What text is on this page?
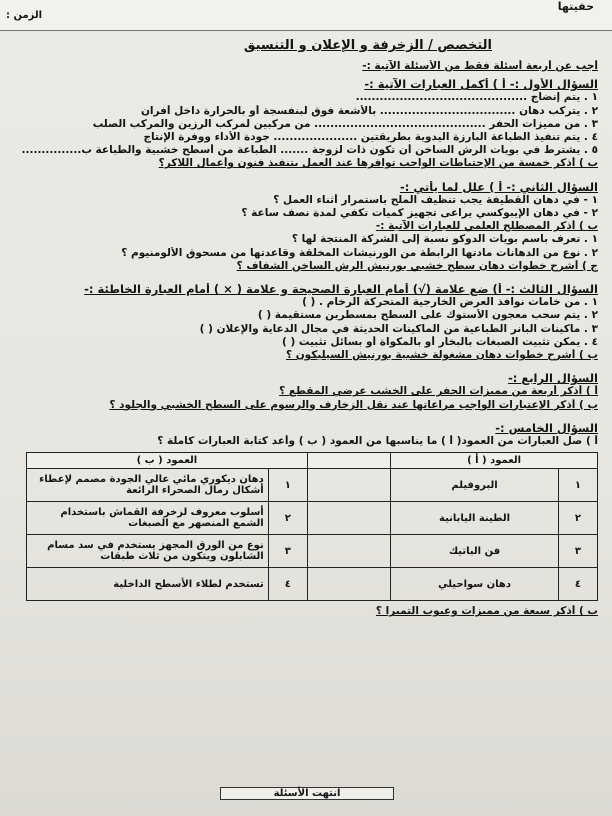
حفيتها
الزمن :
التخصص / الزخرفة و الإعلان و التنسيق
أجب عن أربعة أسئلة فقط من الأسئلة الآتية :-
السؤال الأول :- أ ) أكمل العبارات الآتية :-
١ . يتم إنضاج ...........................................
٢ . يتركب دهان .................................. بالأشعة فوق لبنفسجة أو بالحرارة داخل أفران
٣ . من مميزات الحفر ........................................... من مركبين لمركب الرزين والمركب الصلب
٤ . يتم تنفيذ الطباعة البارزة اليدوية بطريقتين ..................... جودة الأداء ووفرة الإنتاج
٥ . يشترط في بويات الرش الساخن أن تكون ذات لزوجة ....... الطباعة من أسطح خشبية والطباعة ب...............
ب ) أذكر خمسة من الإحتياطات الواجب توافرها عند العمل بتنفيذ فنون وأعمال اللاكر؟
السؤال الثاني :- أ ) علل لما يأتي :-
١ - في دهان القطيفة يجب تنظيف الملح باستمرار أثناء العمل ؟
٢ - في دهان الإيبوكسي يراعى تجهيز كميات تكفي لمدة نصف ساعة ؟
ب ) أذكر المصطلح العلمي للعبارات الآتية :-
١ . تعرف باسم بويات الدوكو نسبة إلى الشركة المنتجة لها ؟
٢ . نوع من الدهانات مادتها الرابطة من الورنيشات المخلقة وقاعدتها من مسحوق الألومنيوم ؟
ج ) أشرح خطوات دهان سطح خشبي بورنيش الرش الساخن الشفاف ؟
السؤال الثالث :- أ) ضع علامة (√) أمام العبارة الصحيحة و علامة ( × ) أمام العبارة الخاطئة :-
١ . من خامات نوافذ العرض الخارجية المتحركة الرخام . ( )
٢ . يتم سحب معجون الأستوك على السطح بمسطرين مستقيمة ( )
٣ . ماكينات البانر الطباعية من الماكينات الحديثة في مجال الدعاية والإعلان ( )
٤ . يمكن تثبيت الصبغات بالبخار أو بالمكواة أو بسائل تثبيت ( )
ب ) أشرح خطوات دهان مشغولة خشبية بورنيش السيليكون ؟
السؤال الرابع :-
أ ) أذكر أربعة من مميزات الحفر على الخشب عرضي المقطع ؟
ب ) أذكر الإعتبارات الواجب مراعاتها عند نقل الزخارف والرسوم على السطح الخشبي والجلود ؟
السؤال الخامس :-
أ ) صل العبارات من العمود( أ ) ما يناسبها من العمود ( ب ) وأعد كتابة العبارات كاملة ؟
العمود ( أ )			العمود ( ب )	
١	البروفيلم		١	دهان ديكوري مائي عالي الجودة مصمم لإعطاء أشكال رمال الصحراء الرائعة
٢	الطينة اليابانية		٢	أسلوب معروف لزخرفة القماش باستخدام الشمع المنصهر مع الصبغات
٣	فن الباتيك		٣	نوع من الورق المجهز يستخدم في سد مسام الشابلون ويتكون من ثلاث طبقات
٤	دهان سواحيلي		٤	تستخدم لطلاء الأسطح الداخلية
ب ) أذكر سبعة من مميزات وعيوب التمبرا ؟
انتهت الأسئلة
